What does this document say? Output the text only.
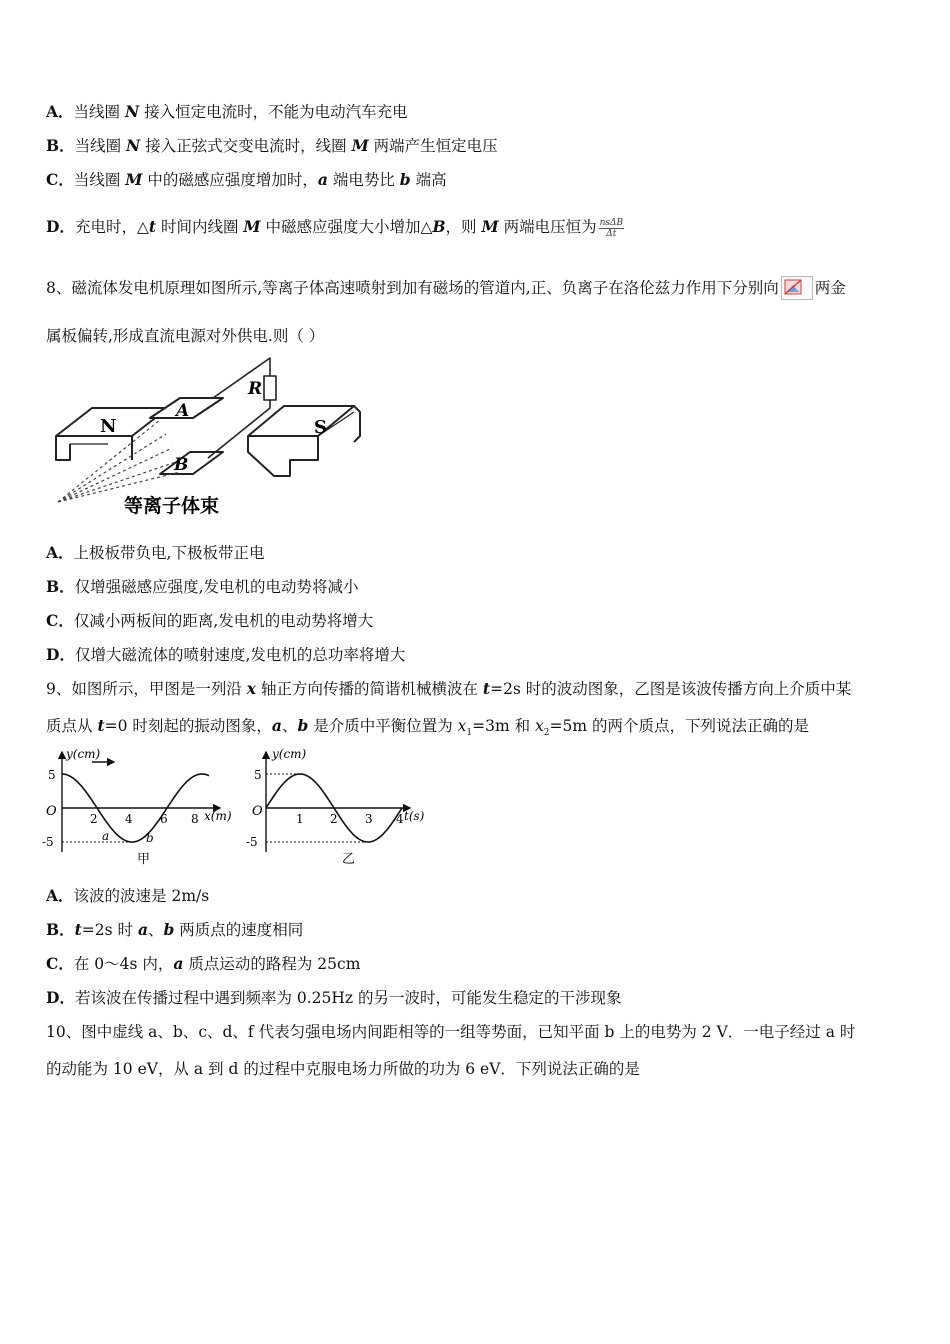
A．当线圈 N 接入恒定电流时，不能为电动汽车充电
B．当线圈 N 接入正弦式交变电流时，线圈 M 两端产生恒定电压
C．当线圈 M 中的磁感应强度增加时，a 端电势比 b 端高
D．充电时，△t 时间内线圈 M 中磁感应强度大小增加△B，则 M 两端电压恒为 $\frac{\text{nsΔB}}{\Delta t}$
8、磁流体发电机原理如图所示,等离子体高速喷射到加有磁场的管道内,正、负离子在洛伦兹力作用下分别向 两金
属板偏转,形成直流电源对外供电.则（ ）
N	S
A
B
R
等离子体束
A．上极板带负电,下极板带正电
B．仅增强磁感应强度,发电机的电动势将减小
C．仅减小两板间的距离,发电机的电动势将增大
D．仅增大磁流体的喷射速度,发电机的总功率将增大
9、如图所示，甲图是一列沿 x 轴正方向传播的简谐机械横波在 t=2s 时的波动图象，乙图是该波传播方向上介质中某
质点从 t=0 时刻起的振动图象，a、b 是介质中平衡位置为 $x_1=3m$ 和 $x_2=5m$ 的两个质点，下列说法正确的是
y(cm)
x(m)
O
5
-5
2 4 6 8
a	b
甲
y(cm)
t(s)
O
5
-5
1 2 3 4
乙
A．该波的波速是 2m/s
B．t=2s 时 a、b 两质点的速度相同
C．在 0～4s 内，a 质点运动的路程为 25cm
D．若该波在传播过程中遇到频率为 0.25Hz 的另一波时，可能发生稳定的干涉现象
10、图中虚线 a、b、c、d、f 代表匀强电场内间距相等的一组等势面，已知平面 b 上的电势为 2 V．一电子经过 a 时
的动能为 10 eV，从 a 到 d 的过程中克服电场力所做的功为 6 eV．下列说法正确的是
